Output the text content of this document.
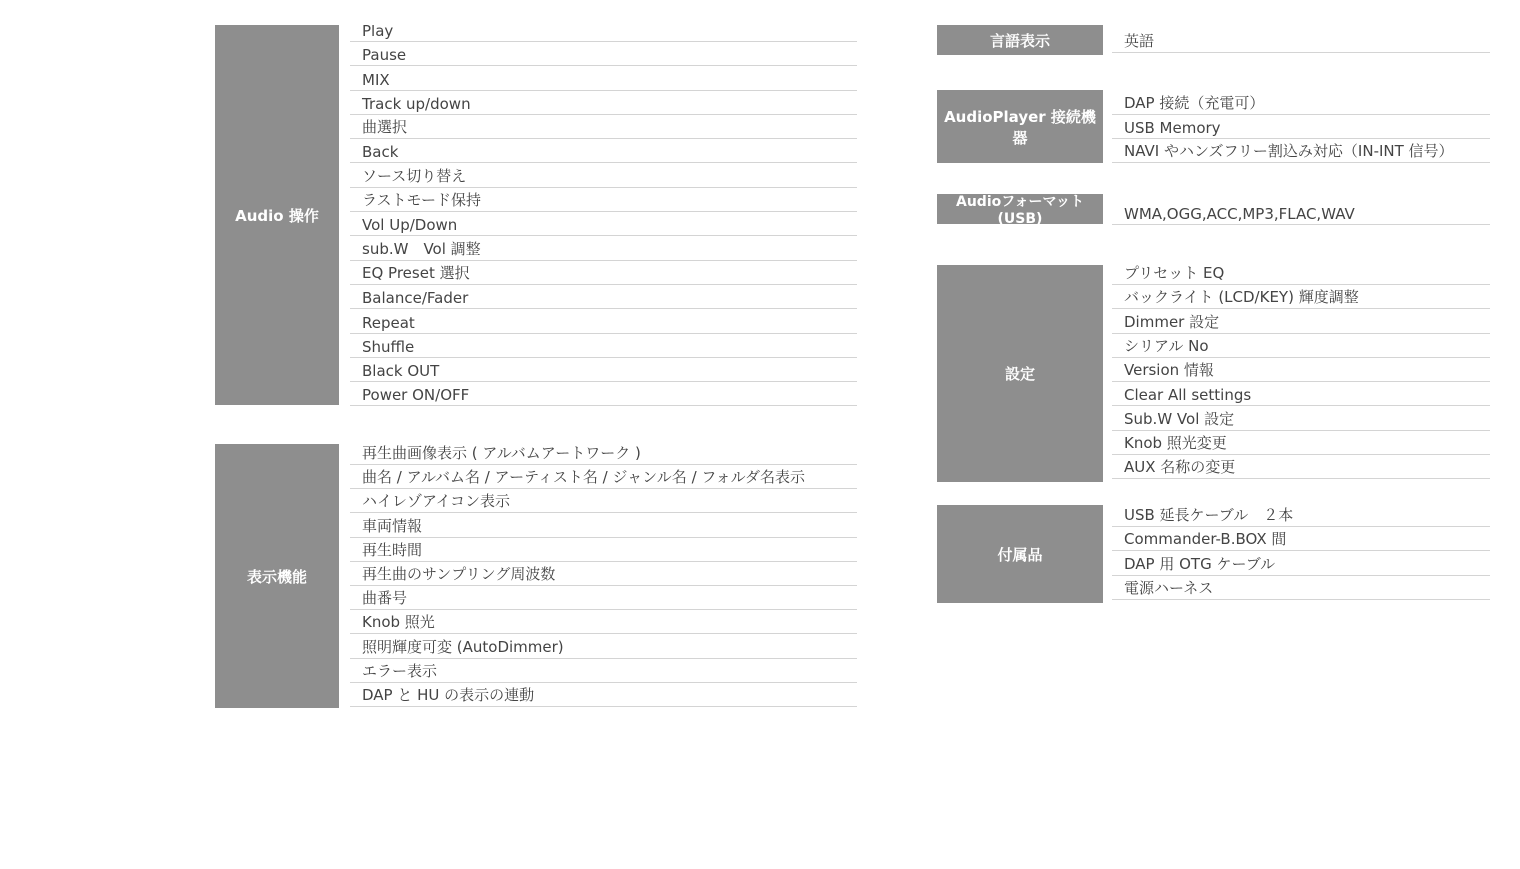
Audio 操作
Play
Pause
MIX
Track up/down
曲選択
Back
ソース切り替え
ラストモード保持
Vol Up/Down
sub.W　Vol 調整
EQ Preset 選択
Balance/Fader
Repeat
Shuffle
Black OUT
Power ON/OFF
表示機能
再生曲画像表示 ( アルバムアートワーク )
曲名 / アルバム名 / アーティスト名 / ジャンル名 / フォルダ名表示
ハイレゾアイコン表示
車両情報
再生時間
再生曲のサンプリング周波数
曲番号
Knob 照光
照明輝度可変 (AutoDimmer)
エラー表示
DAP と HU の表示の連動
言語表示	英語
AudioPlayer 接続機器
DAP 接続（充電可）
USB Memory
NAVI やハンズフリー割込み対応（IN-INT 信号）
Audioフォーマット(USB)	WMA,OGG,ACC,MP3,FLAC,WAV
設定
プリセット EQ
バックライト (LCD/KEY) 輝度調整
Dimmer 設定
シリアル No
Version 情報
Clear All settings
Sub.W Vol 設定
Knob 照光変更
AUX 名称の変更
付属品
USB 延長ケーブル　２本
Commander-B.BOX 間
DAP 用 OTG ケーブル
電源ハーネス
